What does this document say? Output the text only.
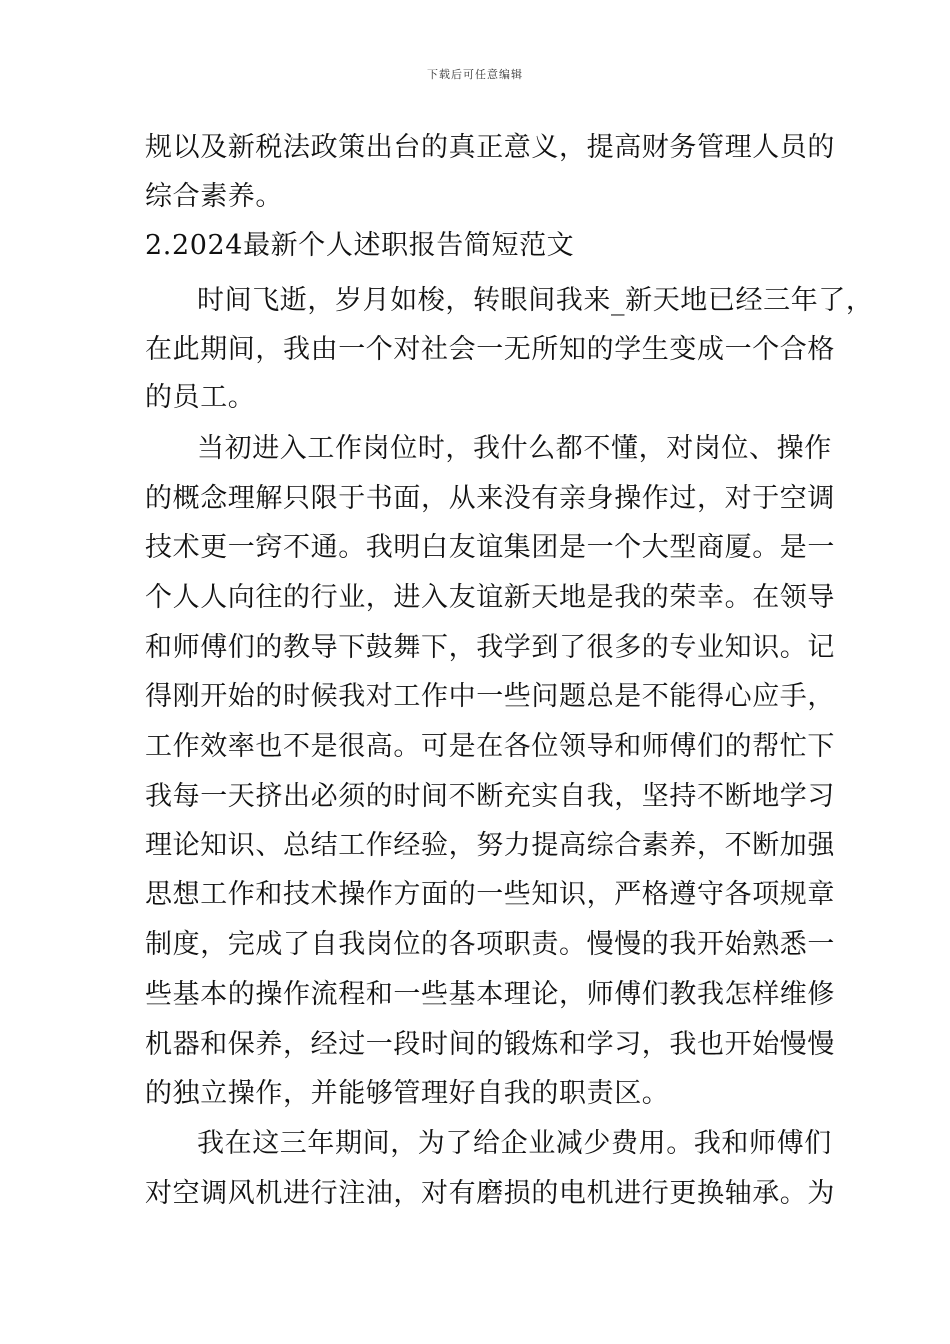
下载后可任意编辑
规以及新税法政策出台的真正意义，提高财务管理人员的
综合素养。
2.2024最新个人述职报告简短范文
时间飞逝，岁月如梭，转眼间我来_新天地已经三年了，
在此期间，我由一个对社会一无所知的学生变成一个合格
的员工。
当初进入工作岗位时，我什么都不懂，对岗位、操作
的概念理解只限于书面，从来没有亲身操作过，对于空调
技术更一窍不通。我明白友谊集团是一个大型商厦。是一
个人人向往的行业，进入友谊新天地是我的荣幸。在领导
和师傅们的教导下鼓舞下，我学到了很多的专业知识。记
得刚开始的时候我对工作中一些问题总是不能得心应手，
工作效率也不是很高。可是在各位领导和师傅们的帮忙下
我每一天挤出必须的时间不断充实自我，坚持不断地学习
理论知识、总结工作经验，努力提高综合素养，不断加强
思想工作和技术操作方面的一些知识，严格遵守各项规章
制度，完成了自我岗位的各项职责。慢慢的我开始熟悉一
些基本的操作流程和一些基本理论，师傅们教我怎样维修
机器和保养，经过一段时间的锻炼和学习，我也开始慢慢
的独立操作，并能够管理好自我的职责区。
我在这三年期间，为了给企业减少费用。我和师傅们
对空调风机进行注油，对有磨损的电机进行更换轴承。为
